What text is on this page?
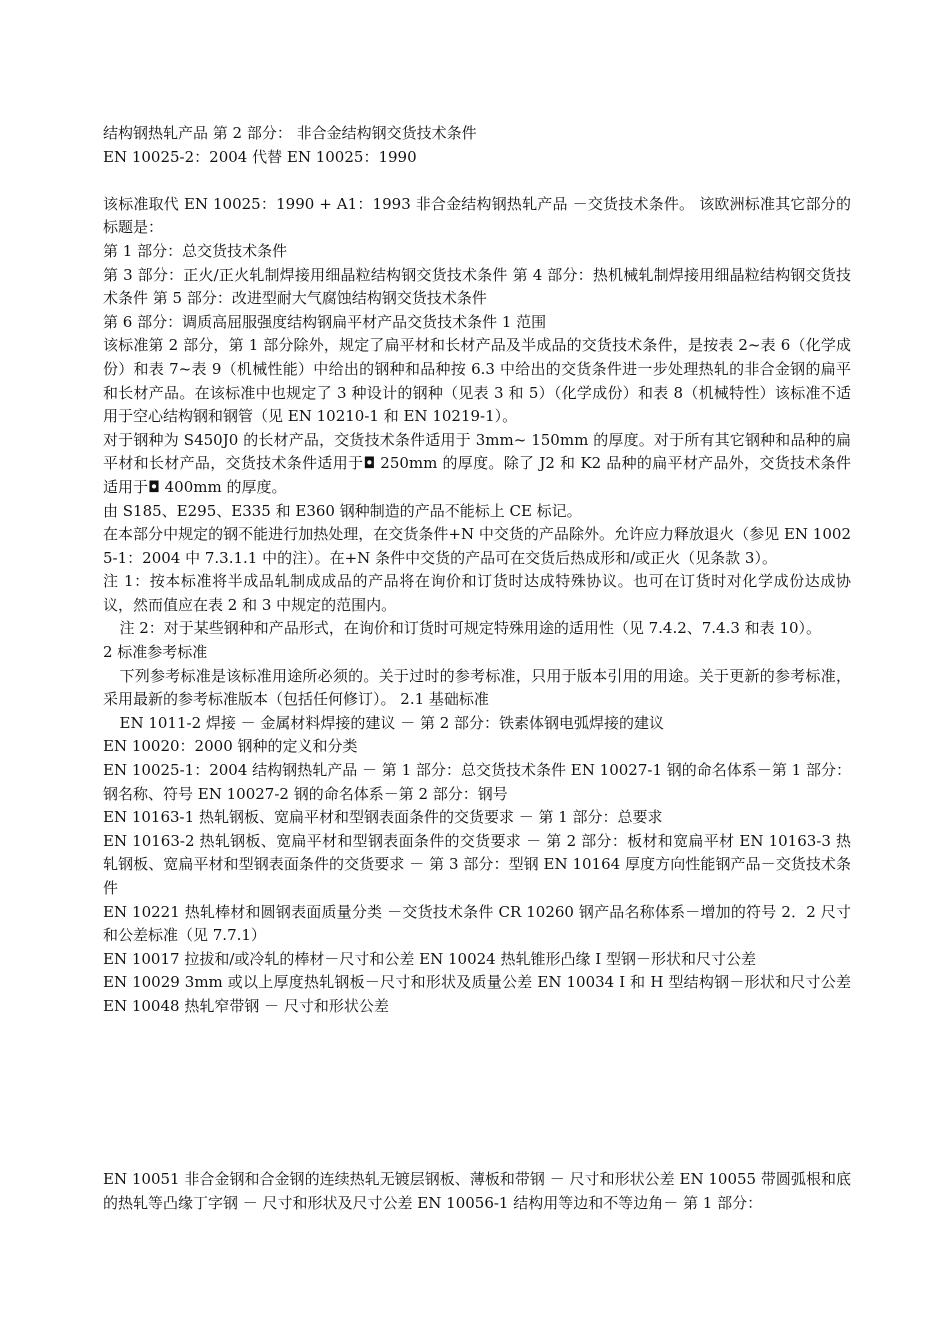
结构钢热轧产品 第 2 部分： 非合金结构钢交货技术条件

EN 10025-2：2004 代替 EN 10025：1990

该标准取代 EN 10025：1990 + A1：1993 非合金结构钢热轧产品 －交货技术条件。 该欧洲标准其它部分的标题是：

第 1 部分：总交货技术条件

第 3 部分：正火/正火轧制焊接用细晶粒结构钢交货技术条件 第 4 部分：热机械轧制焊接用细晶粒结构钢交货技术条件 第 5 部分：改进型耐大气腐蚀结构钢交货技术条件

第 6 部分：调质高屈服强度结构钢扁平材产品交货技术条件 1 范围

该标准第 2 部分，第 1 部分除外，规定了扁平材和长材产品及半成品的交货技术条件，是按表 2~表 6（化学成份）和表 7~表 9（机械性能）中给出的钢种和品种按 6.3 中给出的交货条件进一步处理热轧的非合金钢的扁平和长材产品。在该标准中也规定了 3 种设计的钢种（见表 3 和 5）（化学成份）和表 8（机械特性）该标准不适用于空心结构钢和钢管（见 EN 10210-1 和 EN 10219-1）。

对于钢种为 S450J0 的长材产品，交货技术条件适用于 3mm~ 150mm 的厚度。对于所有其它钢种和品种的扁平材和长材产品，交货技术条件适用于◘ 250mm 的厚度。除了 J2 和 K2 品种的扁平材产品外，交货技术条件适用于◘ 400mm 的厚度。

由 S185、E295、E335 和 E360 钢种制造的产品不能标上 CE 标记。

在本部分中规定的钢不能进行加热处理，在交货条件+N 中交货的产品除外。允许应力释放退火（参见 EN 10025-1：2004 中 7.3.1.1 中的注）。在+N 条件中交货的产品可在交货后热成形和/或正火（见条款 3）。

注 1：按本标准将半成品轧制成成品的产品将在询价和订货时达成特殊协议。也可在订货时对化学成份达成协议，然而值应在表 2 和 3 中规定的范围内。

注 2：对于某些钢种和产品形式，在询价和订货时可规定特殊用途的适用性（见 7.4.2、7.4.3 和表 10）。

2 标准参考标准

下列参考标准是该标准用途所必须的。关于过时的参考标准，只用于版本引用的用途。关于更新的参考标准，采用最新的参考标准版本（包括任何修订）。 2.1 基础标准

EN 1011-2 焊接 － 金属材料焊接的建议 － 第 2 部分：铁素体钢电弧焊接的建议

EN 10020：2000 钢种的定义和分类

EN 10025-1：2004 结构钢热轧产品 － 第 1 部分：总交货技术条件 EN 10027-1 钢的命名体系－第 1 部分：钢名称、符号 EN 10027-2 钢的命名体系－第 2 部分：钢号

EN 10163-1 热轧钢板、宽扁平材和型钢表面条件的交货要求 － 第 1 部分：总要求

EN 10163-2 热轧钢板、宽扁平材和型钢表面条件的交货要求 － 第 2 部分：板材和宽扁平材 EN 10163-3 热轧钢板、宽扁平材和型钢表面条件的交货要求 － 第 3 部分：型钢 EN 10164 厚度方向性能钢产品－交货技术条件

EN 10221 热轧棒材和圆钢表面质量分类 －交货技术条件 CR 10260 钢产品名称体系－增加的符号 2．2 尺寸和公差标准（见 7.7.1）

EN 10017 拉拔和/或冷轧的棒材－尺寸和公差 EN 10024 热轧锥形凸缘 I 型钢－形状和尺寸公差

EN 10029 3mm 或以上厚度热轧钢板－尺寸和形状及质量公差 EN 10034 I 和 H 型结构钢－形状和尺寸公差 EN 10048 热轧窄带钢 － 尺寸和形状公差

EN 10051 非合金钢和合金钢的连续热轧无镀层钢板、薄板和带钢 － 尺寸和形状公差 EN 10055 带圆弧根和底的热轧等凸缘丁字钢 － 尺寸和形状及尺寸公差 EN 10056-1 结构用等边和不等边角－ 第 1 部分：
